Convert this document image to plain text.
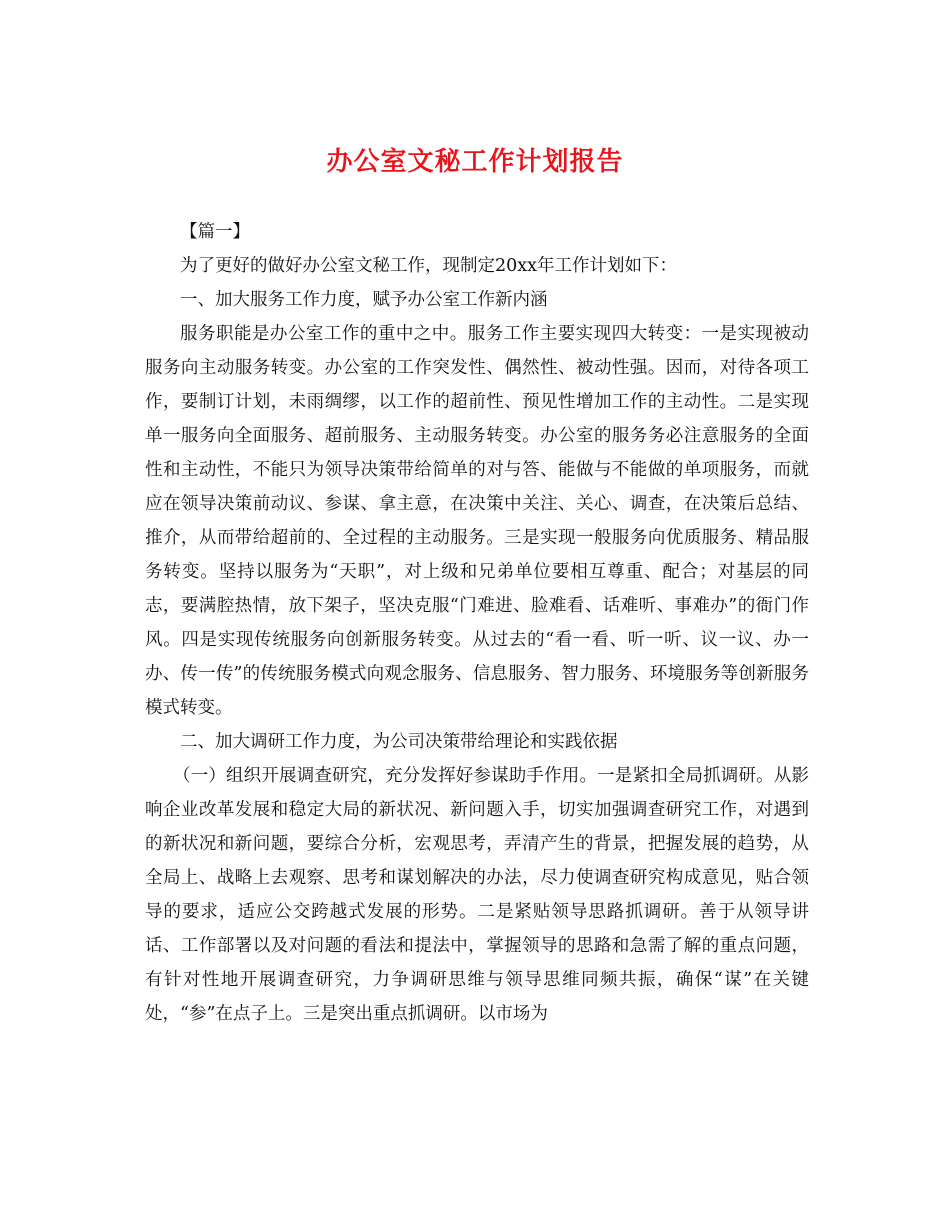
办公室文秘工作计划报告

【篇一】

为了更好的做好办公室文秘工作，现制定20xx年工作计划如下：

一、加大服务工作力度，赋予办公室工作新内涵

服务职能是办公室工作的重中之中。服务工作主要实现四大转变：一是实现被动服务向主动服务转变。办公室的工作突发性、偶然性、被动性强。因而，对待各项工作，要制订计划，未雨绸缪，以工作的超前性、预见性增加工作的主动性。二是实现单一服务向全面服务、超前服务、主动服务转变。办公室的服务务必注意服务的全面性和主动性，不能只为领导决策带给简单的对与答、能做与不能做的单项服务，而就应在领导决策前动议、参谋、拿主意，在决策中关注、关心、调查，在决策后总结、推介，从而带给超前的、全过程的主动服务。三是实现一般服务向优质服务、精品服务转变。坚持以服务为“天职”，对上级和兄弟单位要相互尊重、配合；对基层的同志，要满腔热情，放下架子，坚决克服“门难进、脸难看、话难听、事难办”的衙门作风。四是实现传统服务向创新服务转变。从过去的“看一看、听一听、议一议、办一办、传一传”的传统服务模式向观念服务、信息服务、智力服务、环境服务等创新服务模式转变。

二、加大调研工作力度，为公司决策带给理论和实践依据

（一）组织开展调查研究，充分发挥好参谋助手作用。一是紧扣全局抓调研。从影响企业改革发展和稳定大局的新状况、新问题入手，切实加强调查研究工作，对遇到的新状况和新问题，要综合分析，宏观思考，弄清产生的背景，把握发展的趋势，从全局上、战略上去观察、思考和谋划解决的办法，尽力使调查研究构成意见，贴合领导的要求，适应公交跨越式发展的形势。二是紧贴领导思路抓调研。善于从领导讲话、工作部署以及对问题的看法和提法中，掌握领导的思路和急需了解的重点问题，有针对性地开展调查研究，力争调研思维与领导思维同频共振，确保“谋”在关键处，“参”在点子上。三是突出重点抓调研。以市场为
